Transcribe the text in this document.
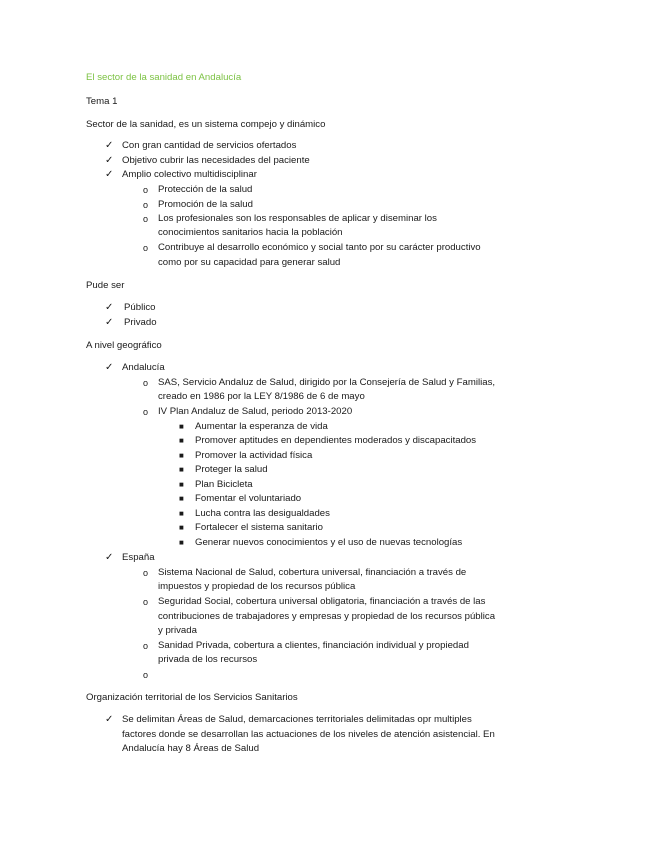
El sector de la sanidad en Andalucía
Tema 1
Sector de la sanidad, es un sistema compejo y dinámico
✓ Con gran cantidad de servicios ofertados
✓ Objetivo cubrir las necesidades del paciente
✓ Amplio colectivo multidisciplinar
o Protección de la salud
o Promoción de la salud
o Los profesionales son los responsables de aplicar y diseminar los
conocimientos sanitarios hacia la población
o Contribuye al desarrollo económico y social tanto por su carácter productivo
como por su capacidad para generar salud
Pude ser
✓ Público
✓ Privado
A nivel geográfico
✓ Andalucía
o SAS, Servicio Andaluz de Salud, dirigido por la Consejería de Salud y Familias,
creado en 1986 por la LEY 8/1986 de 6 de mayo
o IV Plan Andaluz de Salud, periodo 2013-2020
■ Aumentar la esperanza de vida
■ Promover aptitudes en dependientes moderados y discapacitados
■ Promover la actividad física
■ Proteger la salud
■ Plan Bicicleta
■ Fomentar el voluntariado
■ Lucha contra las desigualdades
■ Fortalecer el sistema sanitario
■ Generar nuevos conocimientos y el uso de nuevas tecnologías
✓ España
o Sistema Nacional de Salud, cobertura universal, financiación a través de
impuestos y propiedad de los recursos pública
o Seguridad Social, cobertura universal obligatoria, financiación a través de las
contribuciones de trabajadores y empresas y propiedad de los recursos pública
y privada
o Sanidad Privada, cobertura a clientes, financiación individual y propiedad
privada de los recursos
o
Organización territorial de los Servicios Sanitarios
✓ Se delimitan Áreas de Salud, demarcaciones territoriales delimitadas opr multiples
factores donde se desarrollan las actuaciones de los niveles de atención asistencial. En
Andalucía hay 8 Áreas de Salud
